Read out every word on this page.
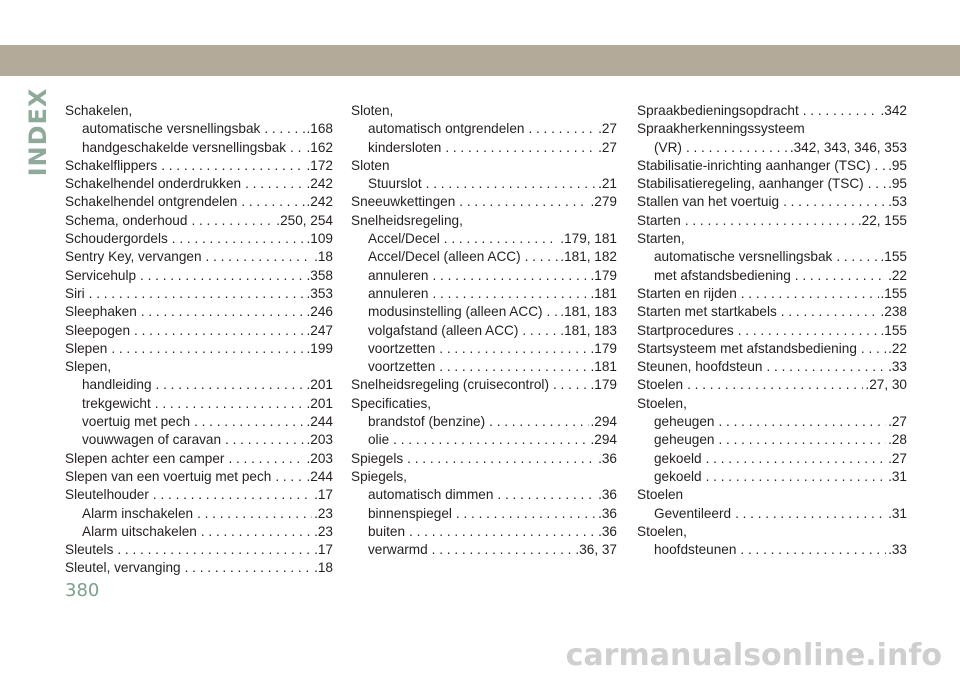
INDEX Schakelen,
automatische versnellingsbak . . .	.168
handgeschakelde versnellingsbak . . . .162
Schakelflippers . . .	.172
Schakelhendel onderdrukken . . .	.242
Schakelhendel ontgrendelen . . .	.242
Schema, onderhoud . . .	.250, 254
Schoudergordels . . .	.109
Sentry Key, vervangen . . .	.18
Servicehulp . . .	.358
Siri . . .	.353
Sleephaken . . .	.246
Sleepogen . . .	.247
Slepen . . .	.199
Slepen,
handleiding . . .	.201
trekgewicht . . .	.201
voertuig met pech . . .	.244
vouwwagen of caravan . . .	.203
Slepen achter een camper . . .	.203
Slepen van een voertuig met pech . . .	.244
Sleutelhouder . . .	.17
Alarm inschakelen . . .	.23
Alarm uitschakelen . . .	.23
Sleutels . . .	.17
Sleutel, vervanging . . .	.18
Sloten,
automatisch ontgrendelen . . .	.27
kindersloten . . .	.27
Sloten
Stuurslot . . .	.21
Sneeuwkettingen . . .	.279
Snelheidsregeling,
Accel/Decel . . .	.179, 181
Accel/Decel (alleen ACC) . . .	.181, 182
annuleren . . .	.179
annuleren . . .	.181
modusinstelling (alleen ACC) . . . .181, 183
volgafstand (alleen ACC) . . .	.181, 183
voortzetten . . .	.179
voortzetten . . .	.181
Snelheidsregeling (cruisecontrol) . . .	.179
Specificaties,
brandstof (benzine) . . .	.294
olie . . .	.294
Spiegels . . .	.36
Spiegels,
automatisch dimmen . . .	.36
binnenspiegel . . .	.36
buiten . . .	.36
verwarmd . . .	.36, 37
Spraakbedieningsopdracht . . .	.342
Spraakherkenningssysteem
(VR) . . .	.342, 343, 346, 353
Stabilisatie-inrichting aanhanger (TSC) . . . .95
Stabilisatieregeling, aanhanger (TSC) . . . .95
Stallen van het voertuig . . .	.53
Starten . . .	.22, 155
Starten,
automatische versnellingsbak . . .	.155
met afstandsbediening . . .	.22
Starten en rijden . . .	.155
Starten met startkabels . . .	.238
Startprocedures . . .	.155
Startsysteem met afstandsbediening . . . .22
Steunen, hoofdsteun . . .	.33
Stoelen . . .	.27, 30
Stoelen,
geheugen . . .	.27
geheugen . . .	.28
gekoeld . . .	.27
gekoeld . . .	.31
Stoelen
Geventileerd . . .	.31
Stoelen,
hoofdsteunen . . .	.33
380
carmanualsonline.info
